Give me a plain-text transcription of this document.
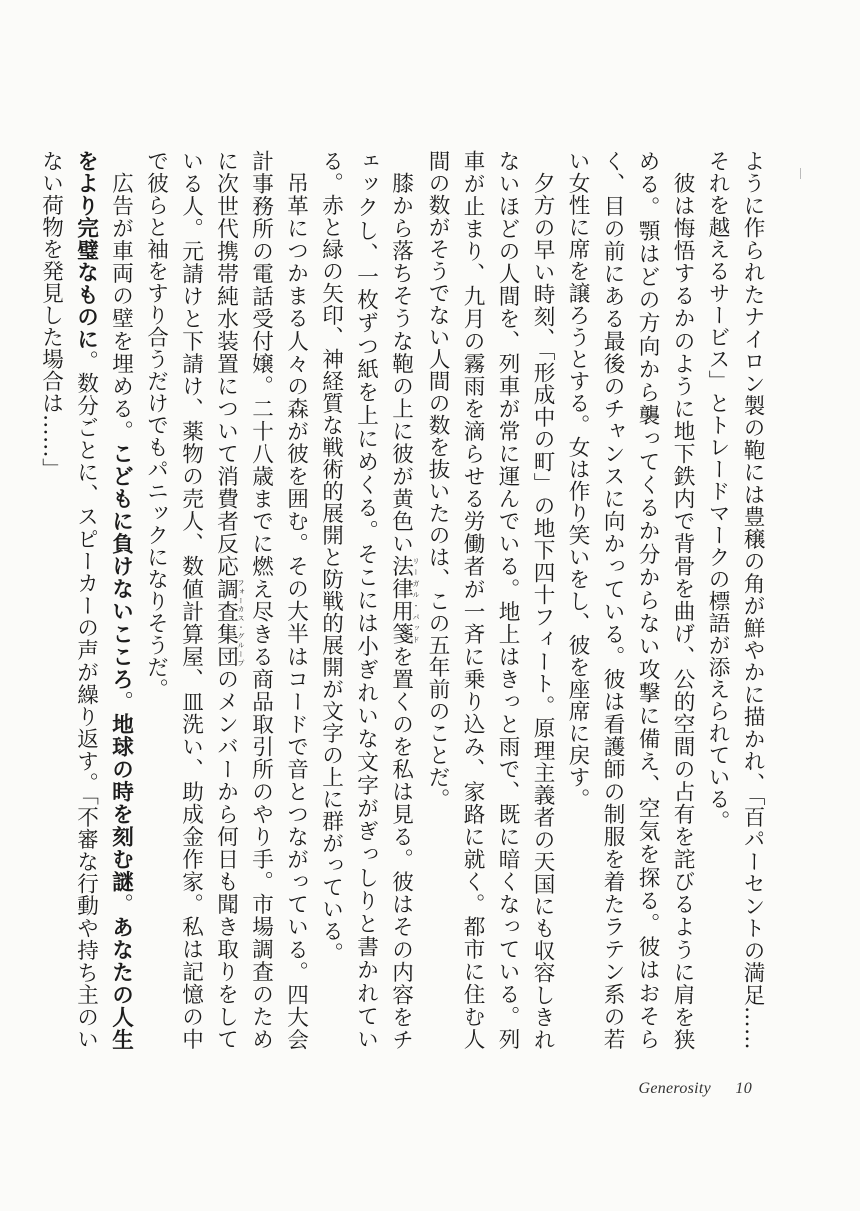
ように作られたナイロン製の鞄には豊穣の角が鮮やかに描かれ、「百パーセントの満足……それを越えるサービス」とトレードマークの標語が添えられている。

彼は悔悟するかのように地下鉄内で背骨を曲げ、公的空間の占有を詫びるように肩を狭める。顎はどの方向から襲ってくるか分からない攻撃に備え、空気を探る。彼はおそらく、目の前にある最後のチャンスに向かっている。彼は看護師の制服を着たラテン系の若い女性に席を譲ろうとする。女は作り笑いをし、彼を座席に戻す。

夕方の早い時刻、「形成中の町」の地下四十フィート。原理主義者の天国にも収容しきれないほどの人間を、列車が常に運んでいる。地上はきっと雨で、既に暗くなっている。列車が止まり、九月の霧雨を滴らせる労働者が一斉に乗り込み、家路に就く。都市に住む人間の数がそうでない人間の数を抜いたのは、この五年前のことだ。

膝から落ちそうな鞄の上に彼が黄色い法律用箋リーガル・パッドを置くのを私は見る。彼はその内容をチェックし、一枚ずつ紙を上にめくる。そこには小ぎれいな文字がぎっしりと書かれている。赤と緑の矢印、神経質な戦術的展開と防戦的展開が文字の上に群がっている。

吊革につかまる人々の森が彼を囲む。その大半はコードで音とつながっている。四大会計事務所の電話受付嬢。二十八歳までに燃え尽きる商品取引所のやり手。市場調査のために次世代携帯純水装置について消費者反応調査集団フォーカス・グループのメンバーから何日も聞き取りをしている人。元請けと下請け、薬物の売人、数値計算屋、皿洗い、助成金作家。私は記憶の中で彼らと袖をすり合うだけでもパニックになりそうだ。

広告が車両の壁を埋める。こどもに負けないこころ。地球の時を刻む謎。あなたの人生をより完璧なものに。数分ごとに、スピーカーの声が繰り返す。「不審な行動や持ち主のいない荷物を発見した場合は……」

Generosity 10
